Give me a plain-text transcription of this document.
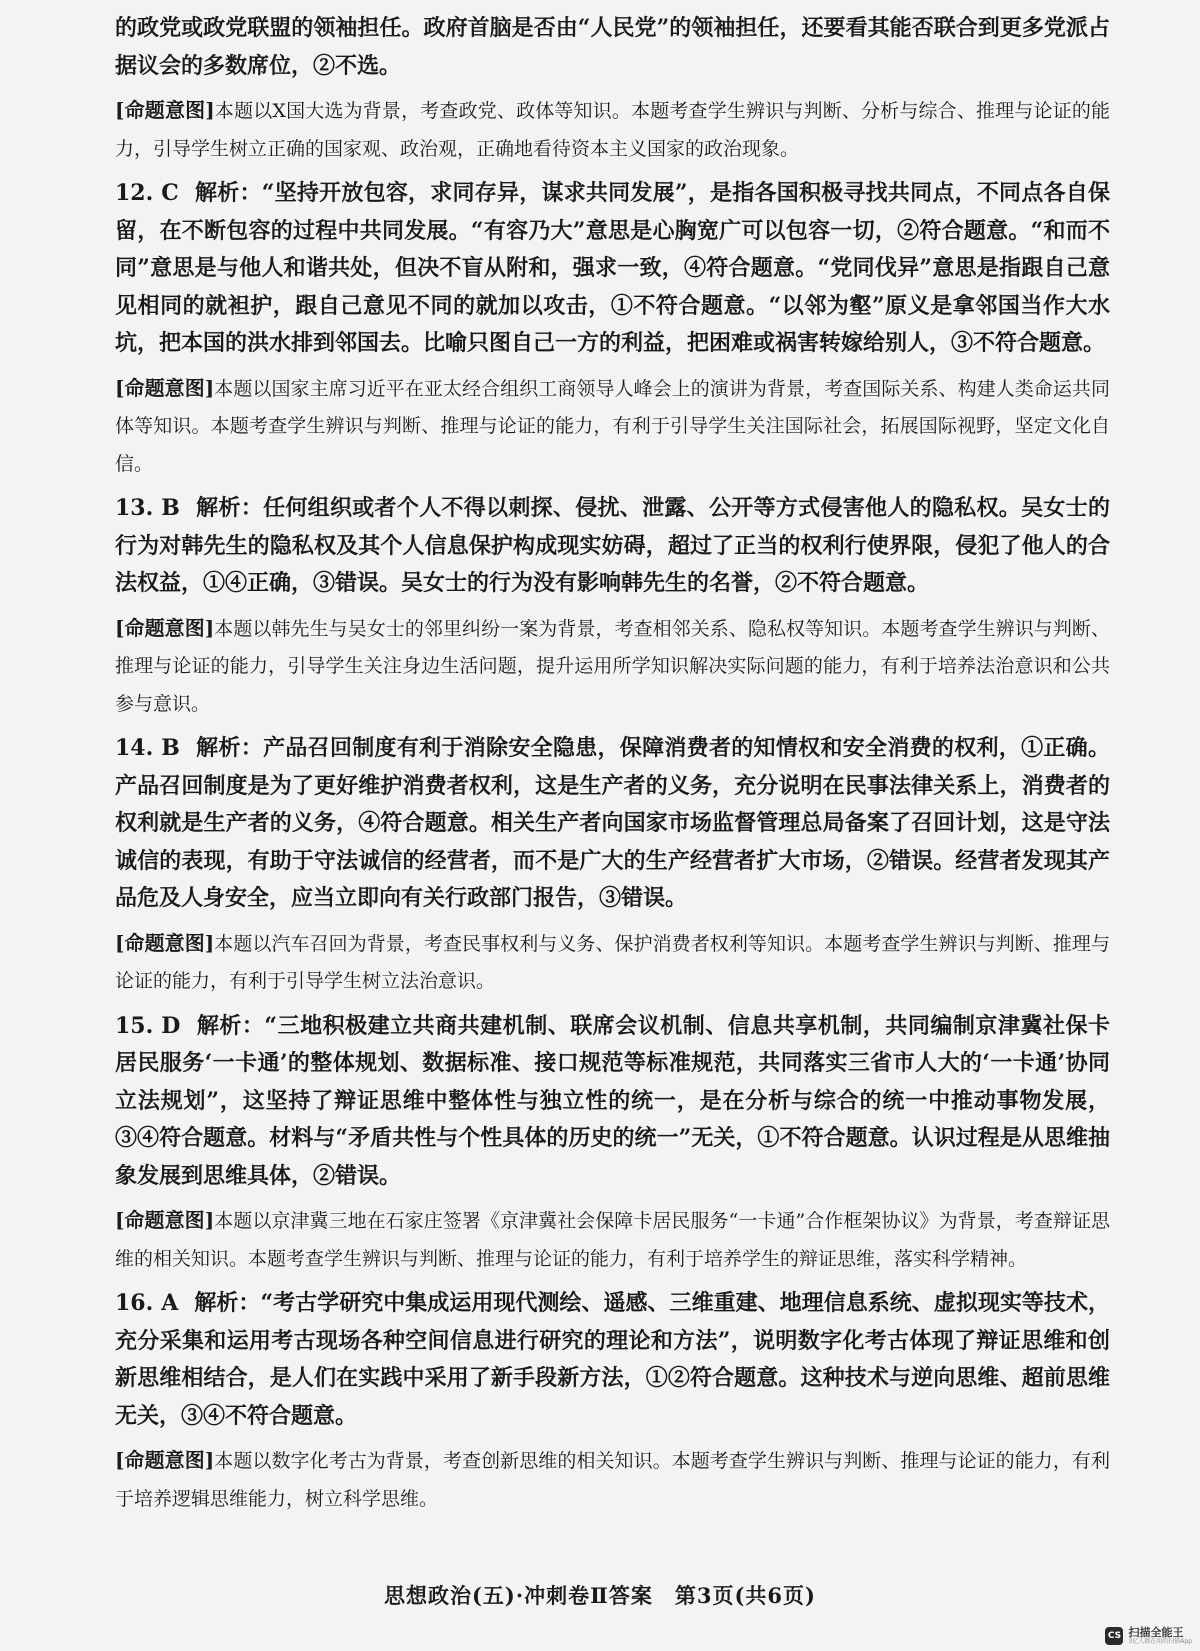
的政党或政党联盟的领袖担任。政府首脑是否由“人民党”的领袖担任，还要看其能否联合到更多党派占据议会的多数席位，②不选。

[命题意图]本题以X国大选为背景，考查政党、政体等知识。本题考查学生辨识与判断、分析与综合、推理与论证的能力，引导学生树立正确的国家观、政治观，正确地看待资本主义国家的政治现象。

12. C 解析：“坚持开放包容，求同存异，谋求共同发展”，是指各国积极寻找共同点，不同点各自保留，在不断包容的过程中共同发展。“有容乃大”意思是心胸宽广可以包容一切，②符合题意。“和而不同”意思是与他人和谐共处，但决不盲从附和，强求一致，④符合题意。“党同伐异”意思是指跟自己意见相同的就袒护，跟自己意见不同的就加以攻击，①不符合题意。“以邻为壑”原义是拿邻国当作大水坑，把本国的洪水排到邻国去。比喻只图自己一方的利益，把困难或祸害转嫁给别人，③不符合题意。

[命题意图]本题以国家主席习近平在亚太经合组织工商领导人峰会上的演讲为背景，考查国际关系、构建人类命运共同体等知识。本题考查学生辨识与判断、推理与论证的能力，有利于引导学生关注国际社会，拓展国际视野，坚定文化自信。

13. B 解析：任何组织或者个人不得以刺探、侵扰、泄露、公开等方式侵害他人的隐私权。吴女士的行为对韩先生的隐私权及其个人信息保护构成现实妨碍，超过了正当的权利行使界限，侵犯了他人的合法权益，①④正确，③错误。吴女士的行为没有影响韩先生的名誉，②不符合题意。

[命题意图]本题以韩先生与吴女士的邻里纠纷一案为背景，考查相邻关系、隐私权等知识。本题考查学生辨识与判断、推理与论证的能力，引导学生关注身边生活问题，提升运用所学知识解决实际问题的能力，有利于培养法治意识和公共参与意识。

14. B 解析：产品召回制度有利于消除安全隐患，保障消费者的知情权和安全消费的权利，①正确。产品召回制度是为了更好维护消费者权利，这是生产者的义务，充分说明在民事法律关系上，消费者的权利就是生产者的义务，④符合题意。相关生产者向国家市场监督管理总局备案了召回计划，这是守法诚信的表现，有助于守法诚信的经营者，而不是广大的生产经营者扩大市场，②错误。经营者发现其产品危及人身安全，应当立即向有关行政部门报告，③错误。

[命题意图]本题以汽车召回为背景，考查民事权利与义务、保护消费者权利等知识。本题考查学生辨识与判断、推理与论证的能力，有利于引导学生树立法治意识。

15. D 解析：“三地积极建立共商共建机制、联席会议机制、信息共享机制，共同编制京津冀社保卡居民服务‘一卡通’的整体规划、数据标准、接口规范等标准规范，共同落实三省市人大的‘一卡通’协同立法规划”，这坚持了辩证思维中整体性与独立性的统一，是在分析与综合的统一中推动事物发展，③④符合题意。材料与“矛盾共性与个性具体的历史的统一”无关，①不符合题意。认识过程是从思维抽象发展到思维具体，②错误。

[命题意图]本题以京津冀三地在石家庄签署《京津冀社会保障卡居民服务“一卡通”合作框架协议》为背景，考查辩证思维的相关知识。本题考查学生辨识与判断、推理与论证的能力，有利于培养学生的辩证思维，落实科学精神。

16. A 解析：“考古学研究中集成运用现代测绘、遥感、三维重建、地理信息系统、虚拟现实等技术，充分采集和运用考古现场各种空间信息进行研究的理论和方法”，说明数字化考古体现了辩证思维和创新思维相结合，是人们在实践中采用了新手段新方法，①②符合题意。这种技术与逆向思维、超前思维无关，③④不符合题意。

[命题意图]本题以数字化考古为背景，考查创新思维的相关知识。本题考查学生辨识与判断、推理与论证的能力，有利于培养逻辑思维能力，树立科学思维。

思想政治(五)·冲刺卷Ⅱ答案　第3页(共6页)
CS 扫描全能王
3亿人都在用的扫描App
